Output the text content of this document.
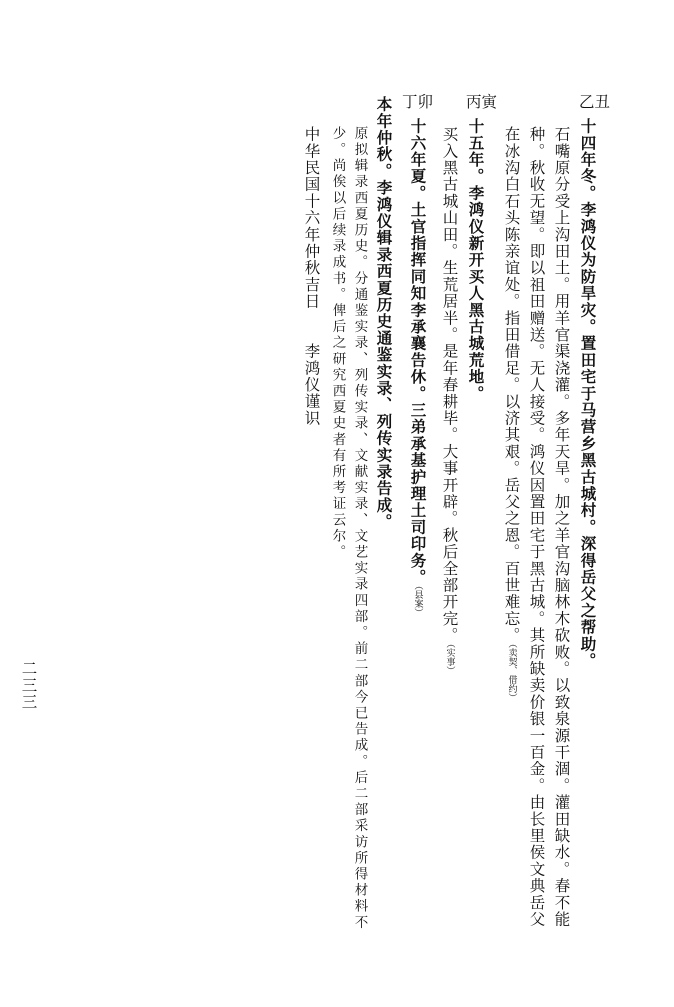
乙丑
十四年冬。李鸿仪为防旱灾。置田宅于马营乡黑古城村。深得岳父之帮助。
石嘴原分受上沟田土。用羊官渠浇灌。多年天旱。加之羊官沟脑林木砍败。以致泉源干涸。灌田缺水。春不能
种。秋收无望。即以祖田赠送。无人接受。鸿仪因置田宅于黑古城。其所缺卖价银一百金。由长里侯文典岳父
在冰沟白石头陈亲谊处。指田借足。以济其艰。岳父之恩。百世难忘。（卖契、借约）
丙寅
十五年。李鸿仪新开买人黑古城荒地。
买入黑古城山田。生荒居半。是年春耕毕。大事开辟。秋后全部开完。（实事）
丁卯
十六年夏。土官指挥同知李承襄告休。三弟承基护理土司印务。（县案）
本年仲秋。李鸿仪辑录西夏历史通鉴实录、列传实录告成。
原拟辑录西夏历史。分通鉴实录、列传实录、文献实录、文艺实录四部。前二部今已告成。后二部采访所得材料不
少。尚俟以后续录成书。俾后之研究西夏史者有所考证云尔。
中华民国十六年仲秋吉日
李鸿仪谨识
二三三
